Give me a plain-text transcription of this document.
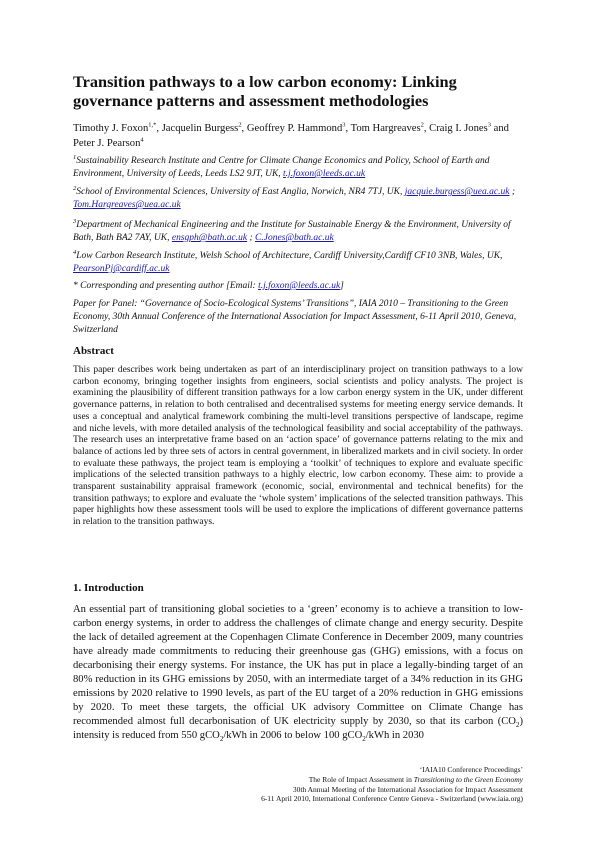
Transition pathways to a low carbon economy: Linking governance patterns and assessment methodologies

Timothy J. Foxon$^{1,*}$, Jacquelin Burgess$^2$, Geoffrey P. Hammond$^3$, Tom Hargreaves$^2$, Craig I. Jones$^3$ and Peter J. Pearson$^4$

$^1$Sustainability Research Institute and Centre for Climate Change Economics and Policy, School of Earth and Environment, University of Leeds, Leeds LS2 9JT, UK, t.j.foxon@leeds.ac.uk

$^2$School of Environmental Sciences, University of East Anglia, Norwich, NR4 7TJ, UK, jacquie.burgess@uea.ac.uk ; Tom.Hargreaves@uea.ac.uk

$^3$Department of Mechanical Engineering and the Institute for Sustainable Energy & the Environment, University of Bath, Bath BA2 7AY, UK, ensgph@bath.ac.uk ; C.Jones@bath.ac.uk

$^4$Low Carbon Research Institute, Welsh School of Architecture, Cardiff University,Cardiff CF10 3NB, Wales, UK, PearsonPj@cardiff.ac.uk

* Corresponding and presenting author [Email: t.j.foxon@leeds.ac.uk]

Paper for Panel: “Governance of Socio-Ecological Systems’ Transitions”, IAIA 2010 – Transitioning to the Green Economy, 30th Annual Conference of the International Association for Impact Assessment, 6-11 April 2010, Geneva, Switzerland

Abstract

This paper describes work being undertaken as part of an interdisciplinary project on transition pathways to a low carbon economy, bringing together insights from engineers, social scientists and policy analysts. The project is examining the plausibility of different transition pathways for a low carbon energy system in the UK, under different governance patterns, in relation to both centralised and decentralised systems for meeting energy service demands. It uses a conceptual and analytical framework combining the multi-level transitions perspective of landscape, regime and niche levels, with more detailed analysis of the technological feasibility and social acceptability of the pathways. The research uses an interpretative frame based on an ‘action space’ of governance patterns relating to the mix and balance of actions led by three sets of actors in central government, in liberalized markets and in civil society. In order to evaluate these pathways, the project team is employing a ‘toolkit’ of techniques to explore and evaluate specific implications of the selected transition pathways to a highly electric, low carbon economy. These aim: to provide a transparent sustainability appraisal framework (economic, social, environmental and technical benefits) for the transition pathways; to explore and evaluate the ‘whole system’ implications of the selected transition pathways. This paper highlights how these assessment tools will be used to explore the implications of different governance patterns in relation to the transition pathways.

1. Introduction

An essential part of transitioning global societies to a ‘green’ economy is to achieve a transition to low-carbon energy systems, in order to address the challenges of climate change and energy security. Despite the lack of detailed agreement at the Copenhagen Climate Conference in December 2009, many countries have already made commitments to reducing their greenhouse gas (GHG) emissions, with a focus on decarbonising their energy systems. For instance, the UK has put in place a legally-binding target of an 80% reduction in its GHG emissions by 2050, with an intermediate target of a 34% reduction in its GHG emissions by 2020 relative to 1990 levels, as part of the EU target of a 20% reduction in GHG emissions by 2020. To meet these targets, the official UK advisory Committee on Climate Change has recommended almost full decarbonisation of UK electricity supply by 2030, so that its carbon $(CO_2)$ intensity is reduced from 550 gCO$_2$/kWh in 2006 to below 100 gCO$_2$/kWh in 2030

‘IAIA10 Conference Proceedings’
The Role of Impact Assessment in Transitioning to the Green Economy
30th Annual Meeting of the International Association for Impact Assessment
6-11 April 2010, International Conference Centre Geneva - Switzerland (www.iaia.org)
